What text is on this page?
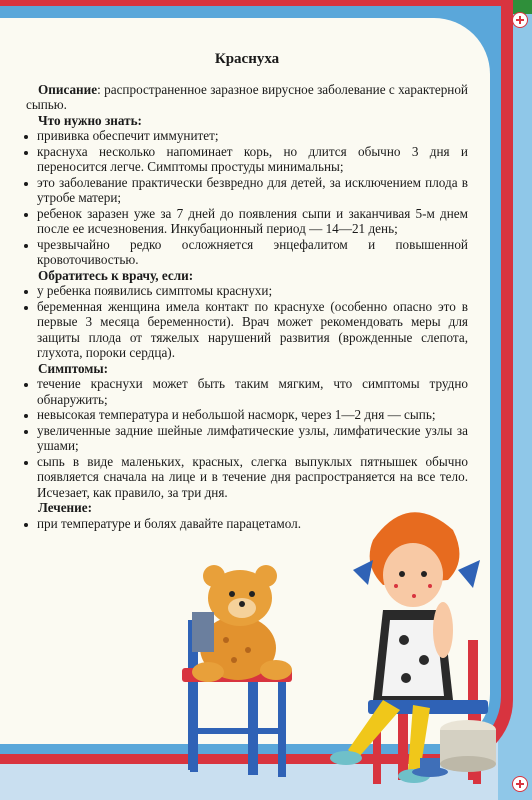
Краснуха

Описание: распространенное заразное вирусное заболевание с характерной сыпью.

Что нужно знать:

прививка обеспечит иммунитет;
краснуха несколько напоминает корь, но длится обычно 3 дня и переносится легче. Симптомы простуды минимальны;
это заболевание практически безвредно для детей, за исключением плода в утробе матери;
ребенок заразен уже за 7 дней до появления сыпи и заканчивая 5-м днем после ее исчезновения. Инкубационный период — 14—21 день;
чрезвычайно редко осложняется энцефалитом и повышенной кровоточивостью.

Обратитесь к врачу, если:

у ребенка появились симптомы краснухи;
беременная женщина имела контакт по краснухе (особенно опасно это в первые 3 месяца беременности). Врач может рекомендовать меры для защиты плода от тяжелых нарушений развития (врожденные слепота, глухота, пороки сердца).

Симптомы:

течение краснухи может быть таким мягким, что симптомы трудно обнаружить;
невысокая температура и небольшой насморк, через 1—2 дня — сыпь;
увеличенные задние шейные лимфатические узлы, лимфатические узлы за ушами;
сыпь в виде маленьких, красных, слегка выпуклых пятнышек обычно появляется сначала на лице и в течение дня распространяется на все тело. Исчезает, как правило, за три дня.

Лечение:

при температуре и болях давайте парацетамол.
